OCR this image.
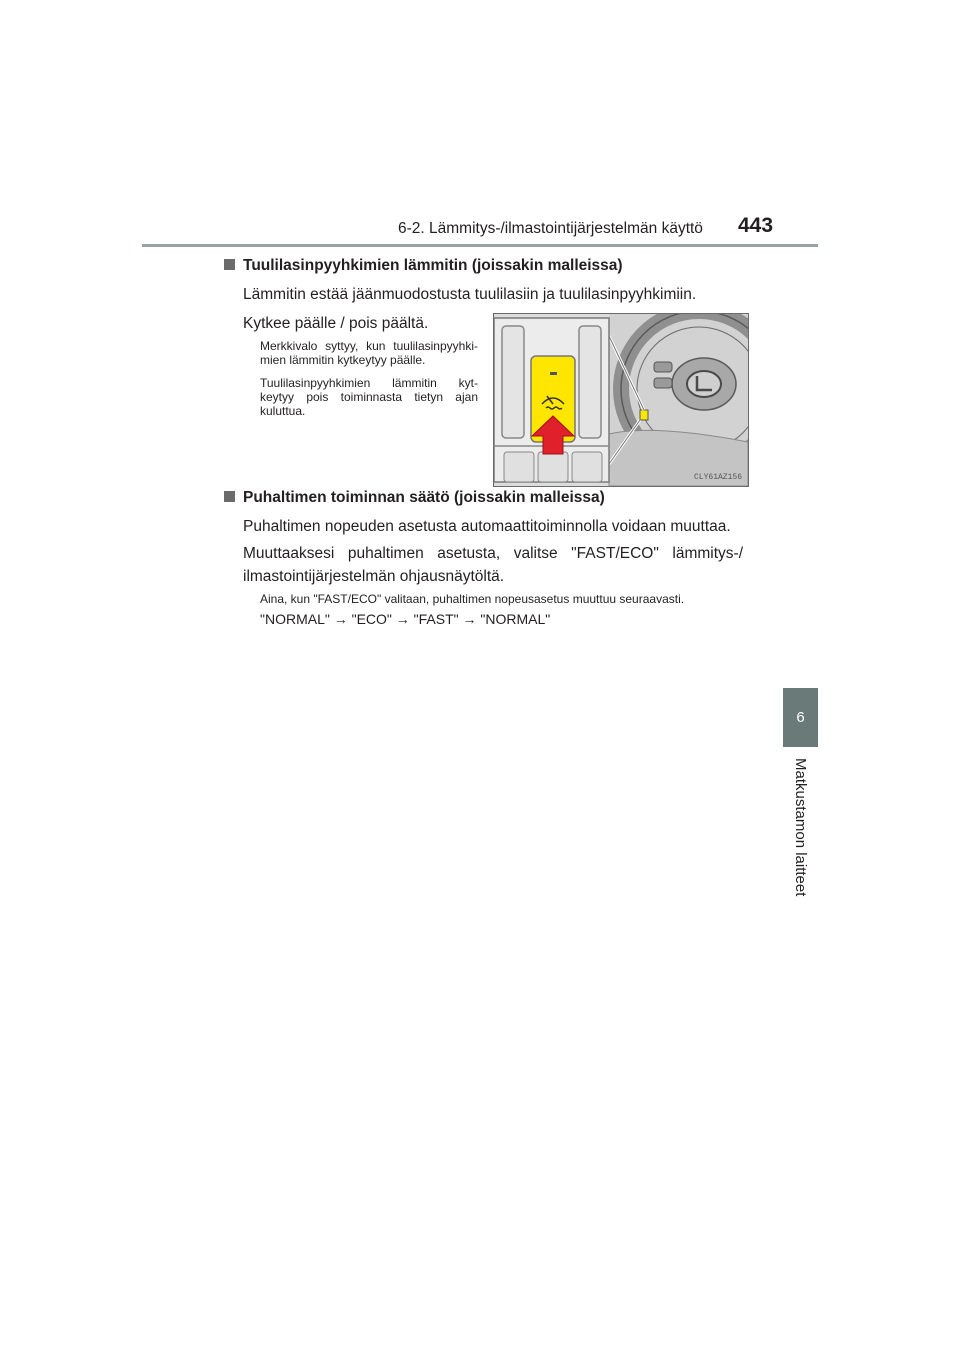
6-2. Lämmitys-/ilmastointijärjestelmän käyttö 443
6
Matkustamon laitteet
Tuulilasinpyyhkimien lämmitin (joissakin malleissa)
Lämmitin estää jäänmuodostusta tuulilasiin ja tuulilasinpyyhkimiin.
Kytkee päälle / pois päältä.
Merkkivalo syttyy, kun tuulilasinpyyhki-
mien lämmitin kytkeytyy päälle.
Tuulilasinpyyhkimien lämmitin kyt-
keytyy pois toiminnasta tietyn ajan
kuluttua.
CLY61AZ156
Puhaltimen toiminnan säätö (joissakin malleissa)
Puhaltimen nopeuden asetusta automaattitoiminnolla voidaan muuttaa.
Muuttaaksesi puhaltimen asetusta, valitse "FAST/ECO" lämmitys-/
ilmastointijärjestelmän ohjausnäytöltä.
Aina, kun "FAST/ECO" valitaan, puhaltimen nopeusasetus muuttuu seuraavasti.
"NORMAL" → "ECO" → "FAST" → "NORMAL"
